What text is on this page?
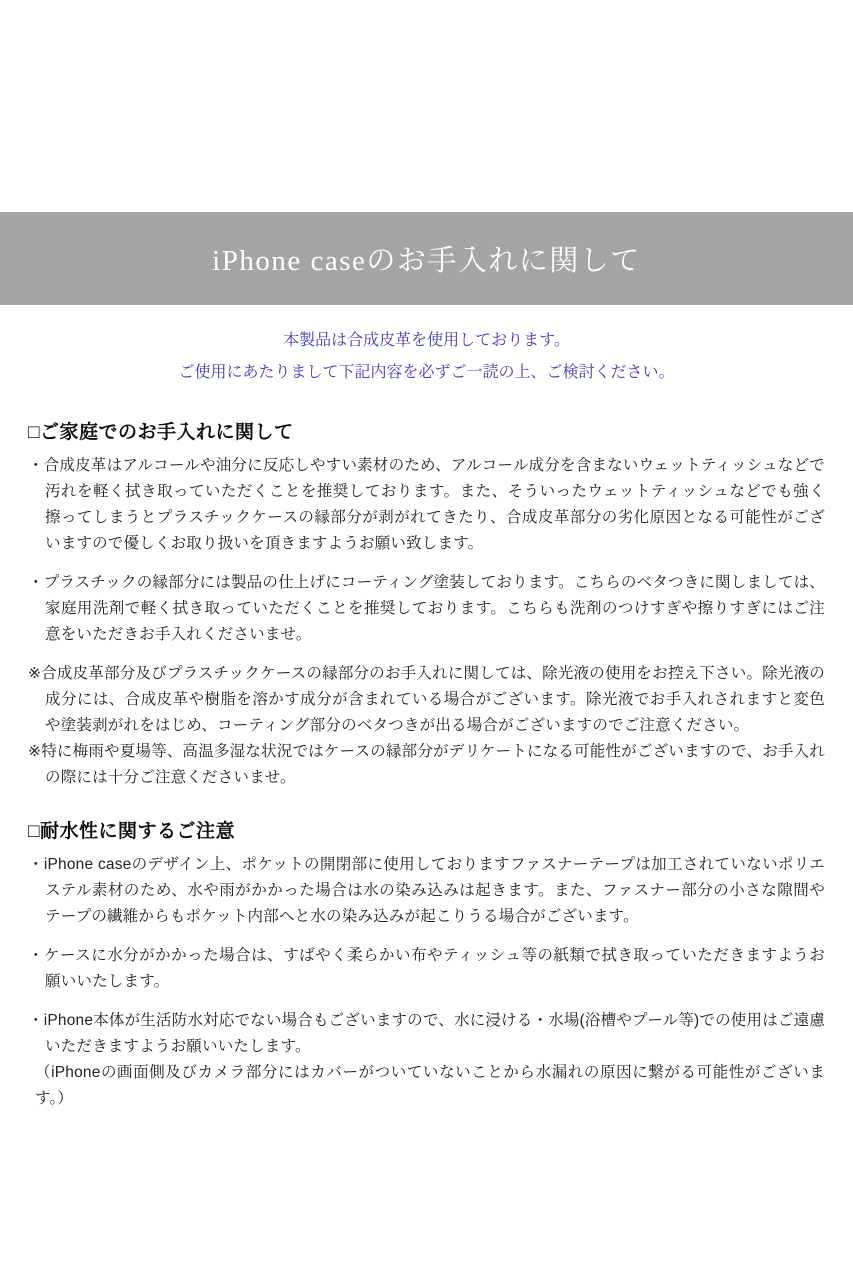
iPhone caseのお手入れに関して
本製品は合成皮革を使用しております。
ご使用にあたりまして下記内容を必ずご一読の上、ご検討ください。
□ご家庭でのお手入れに関して

・合成皮革はアルコールや油分に反応しやすい素材のため、アルコール成分を含まないウェットティッシュなどで汚れを軽く拭き取っていただくことを推奨しております。また、そういったウェットティッシュなどでも強く擦ってしまうとプラスチックケースの縁部分が剥がれてきたり、合成皮革部分の劣化原因となる可能性がございますので優しくお取り扱いを頂きますようお願い致します。

・プラスチックの縁部分には製品の仕上げにコーティング塗装しております。こちらのベタつきに関しましては、家庭用洗剤で軽く拭き取っていただくことを推奨しております。こちらも洗剤のつけすぎや擦りすぎにはご注意をいただきお手入れくださいませ。

※合成皮革部分及びプラスチックケースの縁部分のお手入れに関しては、除光液の使用をお控え下さい。除光液の成分には、合成皮革や樹脂を溶かす成分が含まれている場合がございます。除光液でお手入れされますと変色や塗装剥がれをはじめ、コーティング部分のベタつきが出る場合がございますのでご注意ください。

※特に梅雨や夏場等、高温多湿な状況ではケースの縁部分がデリケートになる可能性がございますので、お手入れの際には十分ご注意くださいませ。

□耐水性に関するご注意

・iPhone caseのデザイン上、ポケットの開閉部に使用しておりますファスナーテープは加工されていないポリエステル素材のため、水や雨がかかった場合は水の染み込みは起きます。また、ファスナー部分の小さな隙間やテープの繊維からもポケット内部へと水の染み込みが起こりうる場合がございます。

・ケースに水分がかかった場合は、すばやく柔らかい布やティッシュ等の紙類で拭き取っていただきますようお願いいたします。

・iPhone本体が生活防水対応でない場合もございますので、水に浸ける・水場(浴槽やプール等)での使用はご遠慮いただきますようお願いいたします。

（iPhoneの画面側及びカメラ部分にはカバーがついていないことから水漏れの原因に繋がる可能性がございます。）
